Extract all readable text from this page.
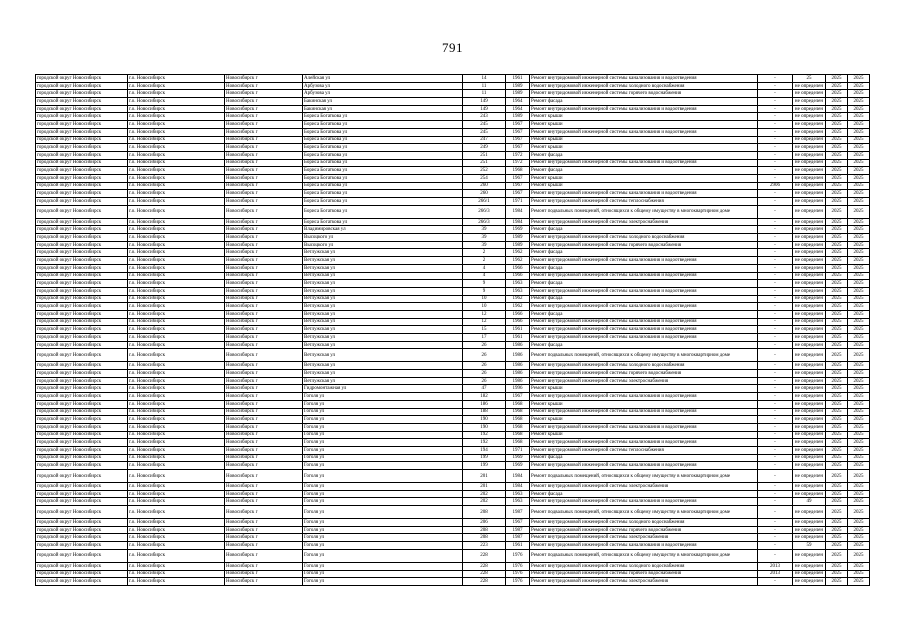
791
городской округ Новосибирск	г.о. Новосибирск	Новосибирск г	Алейская ул	14	1961	Ремонт внутридомовой инженерной системы канализования и водоотведения	-	25	2025	2025
городской округ Новосибирск	г.о. Новосибирск	Новосибирск г	Арбузова ул	11	1989	Ремонт внутридомовой инженерной системы холодного водоснабжения	-	не определен	2025	2025
городской округ Новосибирск	г.о. Новосибирск	Новосибирск г	Арбузова ул	11	1989	Ремонт внутридомовой инженерной системы горячего водоснабжения	-	не определен	2025	2025
городской округ Новосибирск	г.о. Новосибирск	Новосибирск г	Бакинская ул	149	1964	Ремонт фасада	-	не определен	2025	2025
городской округ Новосибирск	г.о. Новосибирск	Новосибирск г	Бакинская ул	149	1964	Ремонт внутридомовой инженерной системы канализования и водоотведения	-	не определен	2025	2025
городской округ Новосибирск	г.о. Новосибирск	Новосибирск г	Бориса Богаткова ул	243	1989	Ремонт крыши	-	не определен	2025	2025
городской округ Новосибирск	г.о. Новосибирск	Новосибирск г	Бориса Богаткова ул	245	1967	Ремонт крыши	-	не определен	2025	2025
городской округ Новосибирск	г.о. Новосибирск	Новосибирск г	Бориса Богаткова ул	245	1967	Ремонт внутридомовой инженерной системы канализования и водоотведения	-	не определен	2025	2025
городской округ Новосибирск	г.о. Новосибирск	Новосибирск г	Бориса Богаткова ул	247	1967	Ремонт крыши	-	не определен	2025	2025
городской округ Новосибирск	г.о. Новосибирск	Новосибирск г	Бориса Богаткова ул	249	1967	Ремонт крыши	-	не определен	2025	2025
городской округ Новосибирск	г.о. Новосибирск	Новосибирск г	Бориса Богаткова ул	251	1972	Ремонт фасада	-	не определен	2025	2025
городской округ Новосибирск	г.о. Новосибирск	Новосибирск г	Бориса Богаткова ул	251	1972	Ремонт внутридомовой инженерной системы канализования и водоотведения	-	не определен	2025	2025
городской округ Новосибирск	г.о. Новосибирск	Новосибирск г	Бориса Богаткова ул	252	1968	Ремонт фасада	-	не определен	2025	2025
городской округ Новосибирск	г.о. Новосибирск	Новосибирск г	Бориса Богаткова ул	254	1967	Ремонт крыши	-	не определен	2025	2025
городской округ Новосибирск	г.о. Новосибирск	Новосибирск г	Бориса Богаткова ул	260	1967	Ремонт крыши	2906	не определен	2025	2025
городской округ Новосибирск	г.о. Новосибирск	Новосибирск г	Бориса Богаткова ул	260	1967	Ремонт внутридомовой инженерной системы канализования и водоотведения	-	не определен	2025	2025
городской округ Новосибирск	г.о. Новосибирск	Новосибирск г	Бориса Богаткова ул	266/1	1971	Ремонт внутридомовой инженерной системы теплоснабжения	-	не определен	2025	2025
городской округ Новосибирск	г.о. Новосибирск	Новосибирск г	Бориса Богаткова ул	266/3	1984	Ремонт подвальных помещений, относящихся к общему имуществу в многоквартирном доме	-	не определен	2025	2025
городской округ Новосибирск	г.о. Новосибирск	Новосибирск г	Бориса Богаткова ул	266/3	1984	Ремонт внутридомовой инженерной системы электроснабжения	-	не определен	2025	2025
городской округ Новосибирск	г.о. Новосибирск	Новосибирск г	Владимировская ул	39	1969	Ремонт фасада	-	не определен	2025	2025
городской округ Новосибирск	г.о. Новосибирск	Новосибирск г	Высоцкого ул	39	1989	Ремонт внутридомовой инженерной системы холодного водоснабжения	-	не определен	2025	2025
городской округ Новосибирск	г.о. Новосибирск	Новосибирск г	Высоцкого ул	39	1989	Ремонт внутридомовой инженерной системы горячего водоснабжения	-	не определен	2025	2025
городской округ Новосибирск	г.о. Новосибирск	Новосибирск г	Ветлужская ул	2	1962	Ремонт фасада	-	не определен	2025	2025
городской округ Новосибирск	г.о. Новосибирск	Новосибирск г	Ветлужская ул	2	1962	Ремонт внутридомовой инженерной системы канализования и водоотведения	-	не определен	2025	2025
городской округ Новосибирск	г.о. Новосибирск	Новосибирск г	Ветлужская ул	4	1966	Ремонт фасада	-	не определен	2025	2025
городской округ Новосибирск	г.о. Новосибирск	Новосибирск г	Ветлужская ул	4	1966	Ремонт внутридомовой инженерной системы канализования и водоотведения	-	не определен	2025	2025
городской округ Новосибирск	г.о. Новосибирск	Новосибирск г	Ветлужская ул	9	1963	Ремонт фасада	-	не определен	2025	2025
городской округ Новосибирск	г.о. Новосибирск	Новосибирск г	Ветлужская ул	9	1963	Ремонт внутридомовой инженерной системы канализования и водоотведения	-	не определен	2025	2025
городской округ Новосибирск	г.о. Новосибирск	Новосибирск г	Ветлужская ул	10	1962	Ремонт фасада	-	не определен	2025	2025
городской округ Новосибирск	г.о. Новосибирск	Новосибирск г	Ветлужская ул	10	1962	Ремонт внутридомовой инженерной системы канализования и водоотведения	-	не определен	2025	2025
городской округ Новосибирск	г.о. Новосибирск	Новосибирск г	Ветлужская ул	12	1966	Ремонт фасада	-	не определен	2025	2025
городской округ Новосибирск	г.о. Новосибирск	Новосибирск г	Ветлужская ул	12	1966	Ремонт внутридомовой инженерной системы канализования и водоотведения	-	не определен	2025	2025
городской округ Новосибирск	г.о. Новосибирск	Новосибирск г	Ветлужская ул	15	1961	Ремонт внутридомовой инженерной системы канализования и водоотведения	-	не определен	2025	2025
городской округ Новосибирск	г.о. Новосибирск	Новосибирск г	Ветлужская ул	17	1961	Ремонт внутридомовой инженерной системы канализования и водоотведения	-	не определен	2025	2025
городской округ Новосибирск	г.о. Новосибирск	Новосибирск г	Ветлужская ул	26	1986	Ремонт фасада	-	не определен	2025	2025
городской округ Новосибирск	г.о. Новосибирск	Новосибирск г	Ветлужская ул	26	1986	Ремонт подвальных помещений, относящихся к общему имуществу в многоквартирном доме	-	не определен	2025	2025
городской округ Новосибирск	г.о. Новосибирск	Новосибирск г	Ветлужская ул	26	1986	Ремонт внутридомовой инженерной системы холодного водоснабжения	-	не определен	2025	2025
городской округ Новосибирск	г.о. Новосибирск	Новосибирск г	Ветлужская ул	26	1986	Ремонт внутридомовой инженерной системы горячего водоснабжения	-	не определен	2025	2025
городской округ Новосибирск	г.о. Новосибирск	Новосибирск г	Ветлужская ул	26	1986	Ремонт внутридомовой инженерной системы электроснабжения	-	не определен	2025	2025
городской округ Новосибирск	г.о. Новосибирск	Новосибирск г	Гидромонтажная ул	47	1996	Ремонт крыши	-	не определен	2025	2025
городской округ Новосибирск	г.о. Новосибирск	Новосибирск г	Гоголя ул	182	1967	Ремонт внутридомовой инженерной системы канализования и водоотведения	-	не определен	2025	2025
городской округ Новосибирск	г.о. Новосибирск	Новосибирск г	Гоголя ул	186	1968	Ремонт крыши	-	не определен	2025	2025
городской округ Новосибирск	г.о. Новосибирск	Новосибирск г	Гоголя ул	188	1968	Ремонт внутридомовой инженерной системы канализования и водоотведения	-	не определен	2025	2025
городской округ Новосибирск	г.о. Новосибирск	Новосибирск г	Гоголя ул	190	1968	Ремонт крыши	-	не определен	2025	2025
городской округ Новосибирск	г.о. Новосибирск	Новосибирск г	Гоголя ул	190	1968	Ремонт внутридомовой инженерной системы канализования и водоотведения	-	не определен	2025	2025
городской округ Новосибирск	г.о. Новосибирск	Новосибирск г	Гоголя ул	192	1968	Ремонт крыши	-	не определен	2025	2025
городской округ Новосибирск	г.о. Новосибирск	Новосибирск г	Гоголя ул	192	1968	Ремонт внутридомовой инженерной системы канализования и водоотведения	-	не определен	2025	2025
городской округ Новосибирск	г.о. Новосибирск	Новосибирск г	Гоголя ул	194	1971	Ремонт внутридомовой инженерной системы теплоснабжения	-	не определен	2025	2025
городской округ Новосибирск	г.о. Новосибирск	Новосибирск г	Гоголя ул	199	1969	Ремонт фасада	-	не определен	2025	2025
городской округ Новосибирск	г.о. Новосибирск	Новосибирск г	Гоголя ул	199	1969	Ремонт внутридомовой инженерной системы канализования и водоотведения	-	не определен	2025	2025
городской округ Новосибирск	г.о. Новосибирск	Новосибирск г	Гоголя ул	201	1984	Ремонт подвальных помещений, относящихся к общему имуществу в многоквартирном доме	-	не определен	2025	2025
городской округ Новосибирск	г.о. Новосибирск	Новосибирск г	Гоголя ул	201	1984	Ремонт внутридомовой инженерной системы электроснабжения	-	не определен	2025	2025
городской округ Новосибирск	г.о. Новосибирск	Новосибирск г	Гоголя ул	202	1963	Ремонт фасада	-	не определен	2025	2025
городской округ Новосибирск	г.о. Новосибирск	Новосибирск г	Гоголя ул	202	1963	Ремонт внутридомовой инженерной системы канализования и водоотведения	-	49	2025	2025
городской округ Новосибирск	г.о. Новосибирск	Новосибирск г	Гоголя ул	208	1987	Ремонт подвальных помещений, относящихся к общему имуществу в многоквартирном доме	-	не определен	2025	2025
городской округ Новосибирск	г.о. Новосибирск	Новосибирск г	Гоголя ул	206	1967	Ремонт внутридомовой инженерной системы холодного водоснабжения	-	не определен	2025	2025
городской округ Новосибирск	г.о. Новосибирск	Новосибирск г	Гоголя ул	208	1987	Ремонт внутридомовой инженерной системы горячего водоснабжения	-	не определен	2025	2025
городской округ Новосибирск	г.о. Новосибирск	Новосибирск г	Гоголя ул	208	1987	Ремонт внутридомовой инженерной системы электроснабжения	-	не определен	2025	2025
городской округ Новосибирск	г.о. Новосибирск	Новосибирск г	Гоголя ул	223	1961	Ремонт внутридомовой инженерной системы канализования и водоотведения	-	59	2025	2025
городской округ Новосибирск	г.о. Новосибирск	Новосибирск г	Гоголя ул	228	1976	Ремонт подвальных помещений, относящихся к общему имуществу в многоквартирном доме	-	не определен	2025	2025
городской округ Новосибирск	г.о. Новосибирск	Новосибирск г	Гоголя ул	228	1976	Ремонт внутридомовой инженерной системы холодного водоснабжения	2013	не определен	2025	2025
городской округ Новосибирск	г.о. Новосибирск	Новосибирск г	Гоголя ул	228	1976	Ремонт внутридомовой инженерной системы горячего водоснабжения	2013	не определен	2025	2025
городской округ Новосибирск	г.о. Новосибирск	Новосибирск г	Гоголя ул	228	1976	Ремонт внутридомовой инженерной системы электроснабжения	-	не определен	2025	2025
